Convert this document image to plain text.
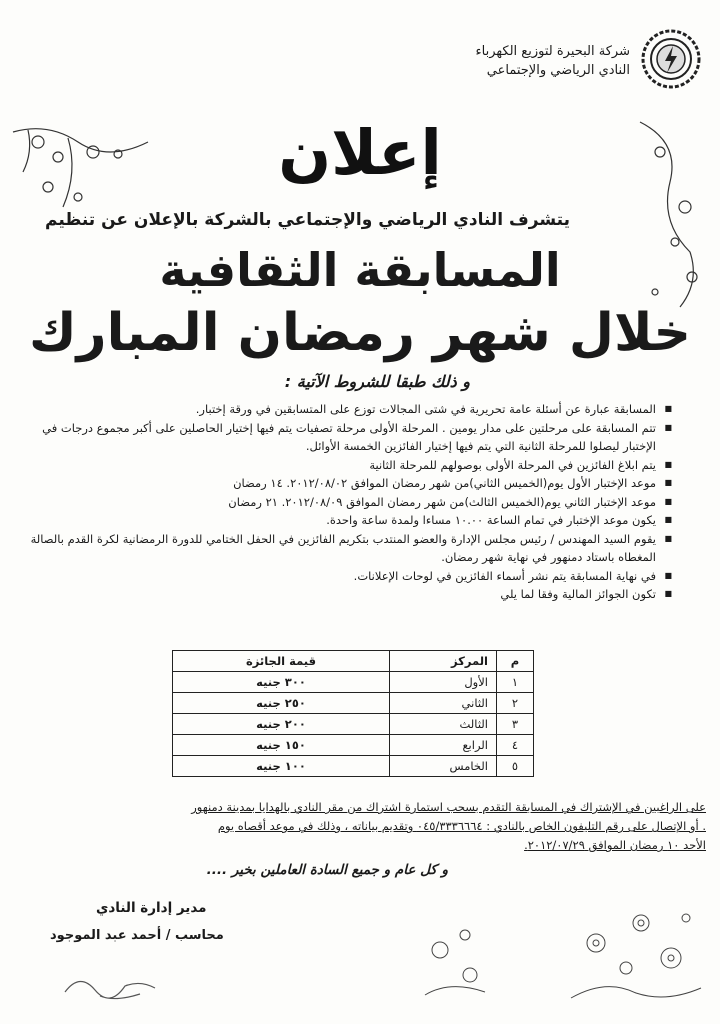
شركة البحيرة لتوزيع الكهرباء
النادي الرياضي والإجتماعي
إعلان
يتشرف النادي الرياضي والإجتماعي بالشركة بالإعلان عن تنظيم
المسابقة الثقافية
خلال شهر رمضان المبارك
و ذلك طبقا للشروط الآتية :
■ المسابقة عبارة عن أسئلة عامة تحريرية في شتى المجالات توزع على المتسابقين في ورقة إختبار.
■ تتم المسابقة على مرحلتين على مدار يومين . المرحلة الأولى مرحلة تصفيات يتم فيها إختيار الحاصلين على أكبر مجموع درجات في الإختبار ليصلوا للمرحلة الثانية التي يتم فيها إختيار الفائزين الخمسة الأوائل.
■ يتم ابلاغ الفائزين في المرحلة الأولى بوصولهم للمرحلة الثانية
■ موعد الإختبار الأول يوم(الخميس الثاني)من شهر رمضان الموافق ٢٠١٢/٠٨/٠٢. ١٤ رمضان
■ موعد الإختبار الثاني يوم(الخميس الثالث)من شهر رمضان الموافق ٢٠١٢/٠٨/٠٩. ٢١ رمضان
■ يكون موعد الإختبار في تمام الساعة ١٠.٠٠ مساءا ولمدة ساعة واحدة.
■ يقوم السيد المهندس / رئيس مجلس الإدارة والعضو المنتدب بتكريم الفائزين في الحفل الختامي للدورة الرمضانية لكرة القدم بالصالة المغطاه باستاد دمنهور في نهاية شهر رمضان.
■ في نهاية المسابقة يتم نشر أسماء الفائزين في لوحات الإعلانات.
■ تكون الجوائز المالية وفقا لما يلي
م	المركز	قيمة الجائزة
١	الأول	٣٠٠ جنيه
٢	الثاني	٢٥٠ جنيه
٣	الثالث	٢٠٠ جنيه
٤	الرابع	١٥٠ جنيه
٥	الخامس	١٠٠ جنيه
على الراغبين في الإشتراك في المسابقة التقدم بسحب استمارة اشتراك من مقر النادي بالهدايا بمدينة دمنهور
. أو الإتصال على رقم التليفون الخاص بالنادي : ٠٤٥/٣٣٣٦٦٦٤ وتقديم بياناته ، وذلك في موعد أقصاه يوم
الأحد ١٠ رمضان الموافق ٢٠١٢/٠٧/٢٩.
و كل عام و جميع السادة العاملين بخير ....
مدير إدارة النادي
محاسب / أحمد عبد الموجود
